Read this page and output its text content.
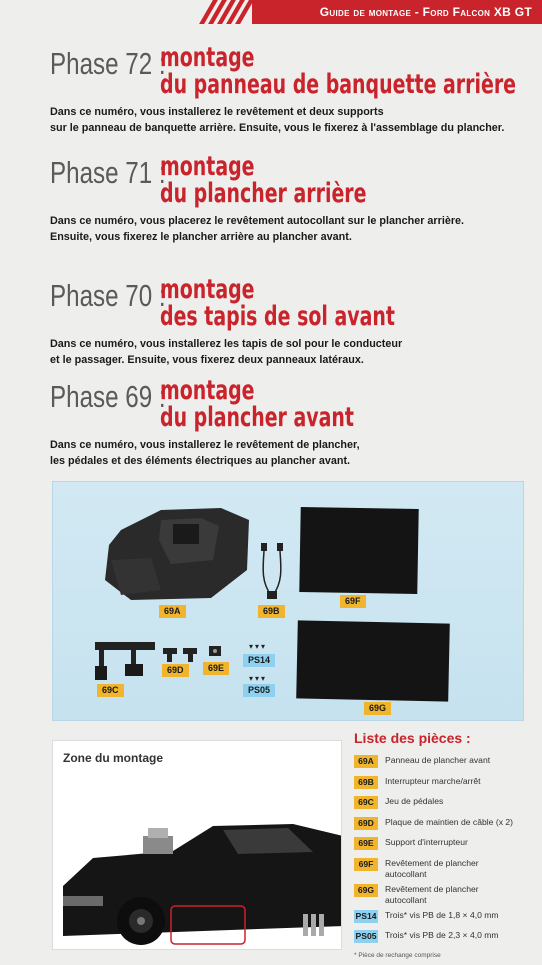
Guide de montage - Ford Falcon XB GT
Phase 72 :
montage
du panneau de banquette arrière
Dans ce numéro, vous installerez le revêtement et deux supports
sur le panneau de banquette arrière. Ensuite, vous le fixerez à l'assemblage du plancher.
Phase 71 :
montage
du plancher arrière
Dans ce numéro, vous placerez le revêtement autocollant sur le plancher arrière.
Ensuite, vous fixerez le plancher arrière au plancher avant.
Phase 70 :
montage
des tapis de sol avant
Dans ce numéro, vous installerez les tapis de sol pour le conducteur
et le passager. Ensuite, vous fixerez deux panneaux latéraux.
Phase 69 :
montage
du plancher avant
Dans ce numéro, vous installerez le revêtement de plancher,
les pédales et des éléments électriques au plancher avant.
69A	69B
69F
69C
69D	69E
▾▾▾
PS14
▾▾▾
PS05
69G
Zone du montage
Liste des pièces :
69A	Panneau de plancher avant
69B	Interrupteur marche/arrêt
69C	Jeu de pédales
69D	Plaque de maintien de câble (x 2)
69E	Support d'interrupteur
69F	Revêtement de plancher
autocollant
69G	Revêtement de plancher
autocollant
PS14 Trois* vis PB de 1,8 × 4,0 mm
PS05 Trois* vis PB de 2,3 × 4,0 mm
* Pièce de rechange comprise
